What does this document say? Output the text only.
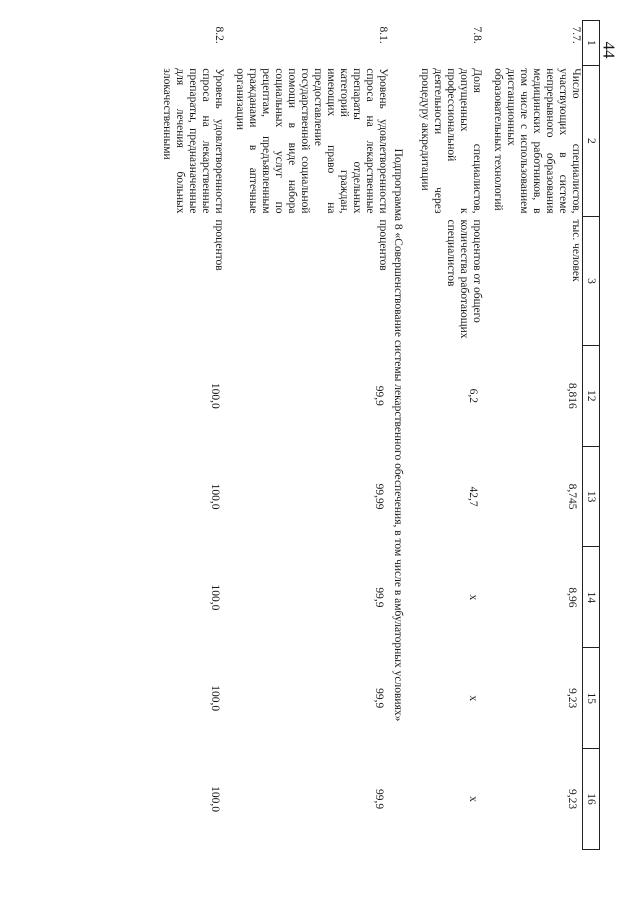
44
1	2	3	12	13	14	15	16
7.7.	Число специалистов, участвующих в системе непрерывного образования медицинских работников, в том числе с использованием дистанционных образовательных технологий	тыс. человек	8,816	8,745	8,96	9,23	9,23
7.8.	Доля специалистов, допущенных к профессиональной деятельности через процедуру аккредитации	процентов от общего количества работающих специалистов	6,2	42,7	x	x	x
Подпрограмма 8 «Совершенствование системы лекарственного обеспечения, в том числе в амбулаторных условиях»							
8.1.	Уровень удовлетворенности спроса на лекарственные препараты отдельных категорий граждан, имеющих право на предоставление государственной социальной помощи в виде набора социальных услуг по рецептам, предъявленным гражданами в аптечные организации	процентов	99,9	99,99	99,9	99,9	99,9
8.2.	Уровень удовлетворенности спроса на лекарственные препараты, предназначенные для лечения больных злокачественными	процентов	100,0	100,0	100,0	100,0	100,0
